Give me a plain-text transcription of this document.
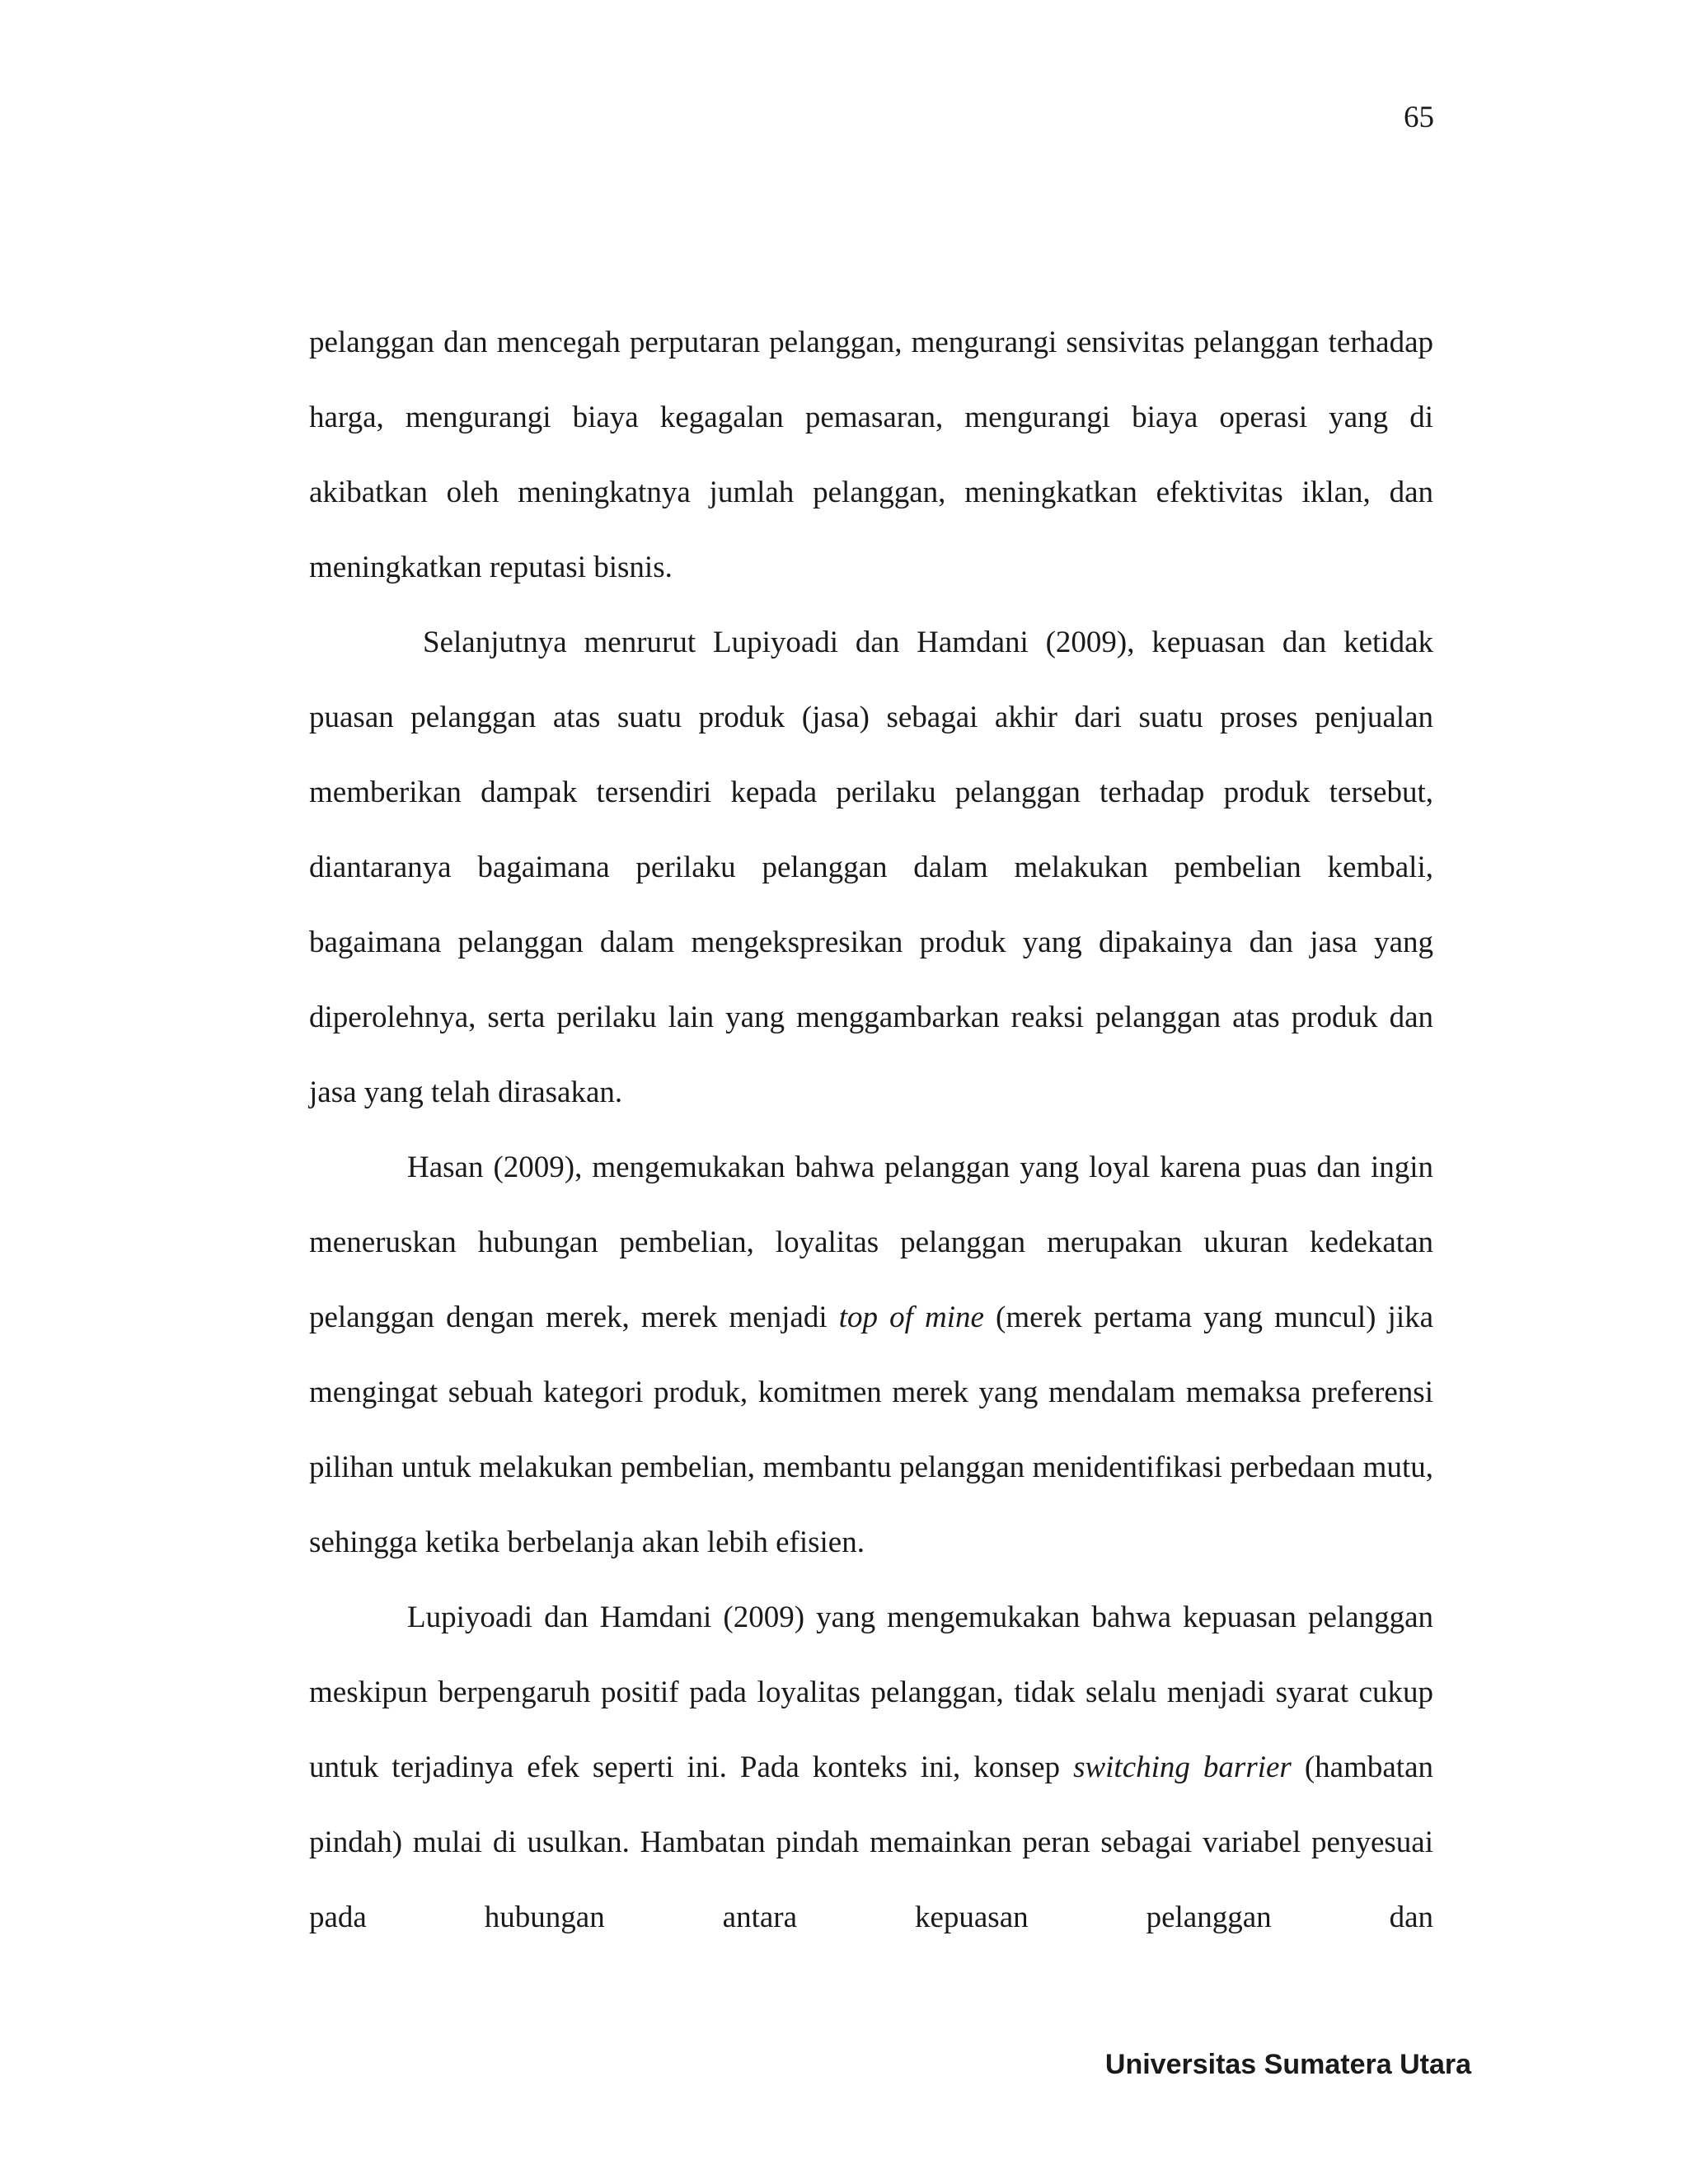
65

pelanggan dan mencegah perputaran pelanggan, mengurangi sensivitas pelanggan terhadap harga, mengurangi biaya kegagalan pemasaran, mengurangi biaya operasi yang di akibatkan oleh meningkatnya jumlah pelanggan, meningkatkan efektivitas iklan, dan meningkatkan reputasi bisnis.

Selanjutnya menrurut Lupiyoadi dan Hamdani (2009), kepuasan dan ketidak puasan pelanggan atas suatu produk (jasa) sebagai akhir dari suatu proses penjualan memberikan dampak tersendiri kepada perilaku pelanggan terhadap produk tersebut, diantaranya bagaimana perilaku pelanggan dalam melakukan pembelian kembali, bagaimana pelanggan dalam mengekspresikan produk yang dipakainya dan jasa yang diperolehnya, serta perilaku lain yang menggambarkan reaksi pelanggan atas produk dan jasa yang telah dirasakan.

Hasan (2009), mengemukakan bahwa pelanggan yang loyal karena puas dan ingin meneruskan hubungan pembelian, loyalitas pelanggan merupakan ukuran kedekatan pelanggan dengan merek, merek menjadi top of mine (merek pertama yang muncul) jika mengingat sebuah kategori produk, komitmen merek yang mendalam memaksa preferensi pilihan untuk melakukan pembelian, membantu pelanggan menidentifikasi perbedaan mutu, sehingga ketika berbelanja akan lebih efisien.

Lupiyoadi dan Hamdani (2009) yang mengemukakan bahwa kepuasan pelanggan meskipun berpengaruh positif pada loyalitas pelanggan, tidak selalu menjadi syarat cukup untuk terjadinya efek seperti ini. Pada konteks ini, konsep switching barrier (hambatan pindah) mulai di usulkan. Hambatan pindah memainkan peran sebagai variabel penyesuai pada hubungan antara kepuasan pelanggan dan

Universitas Sumatera Utara
